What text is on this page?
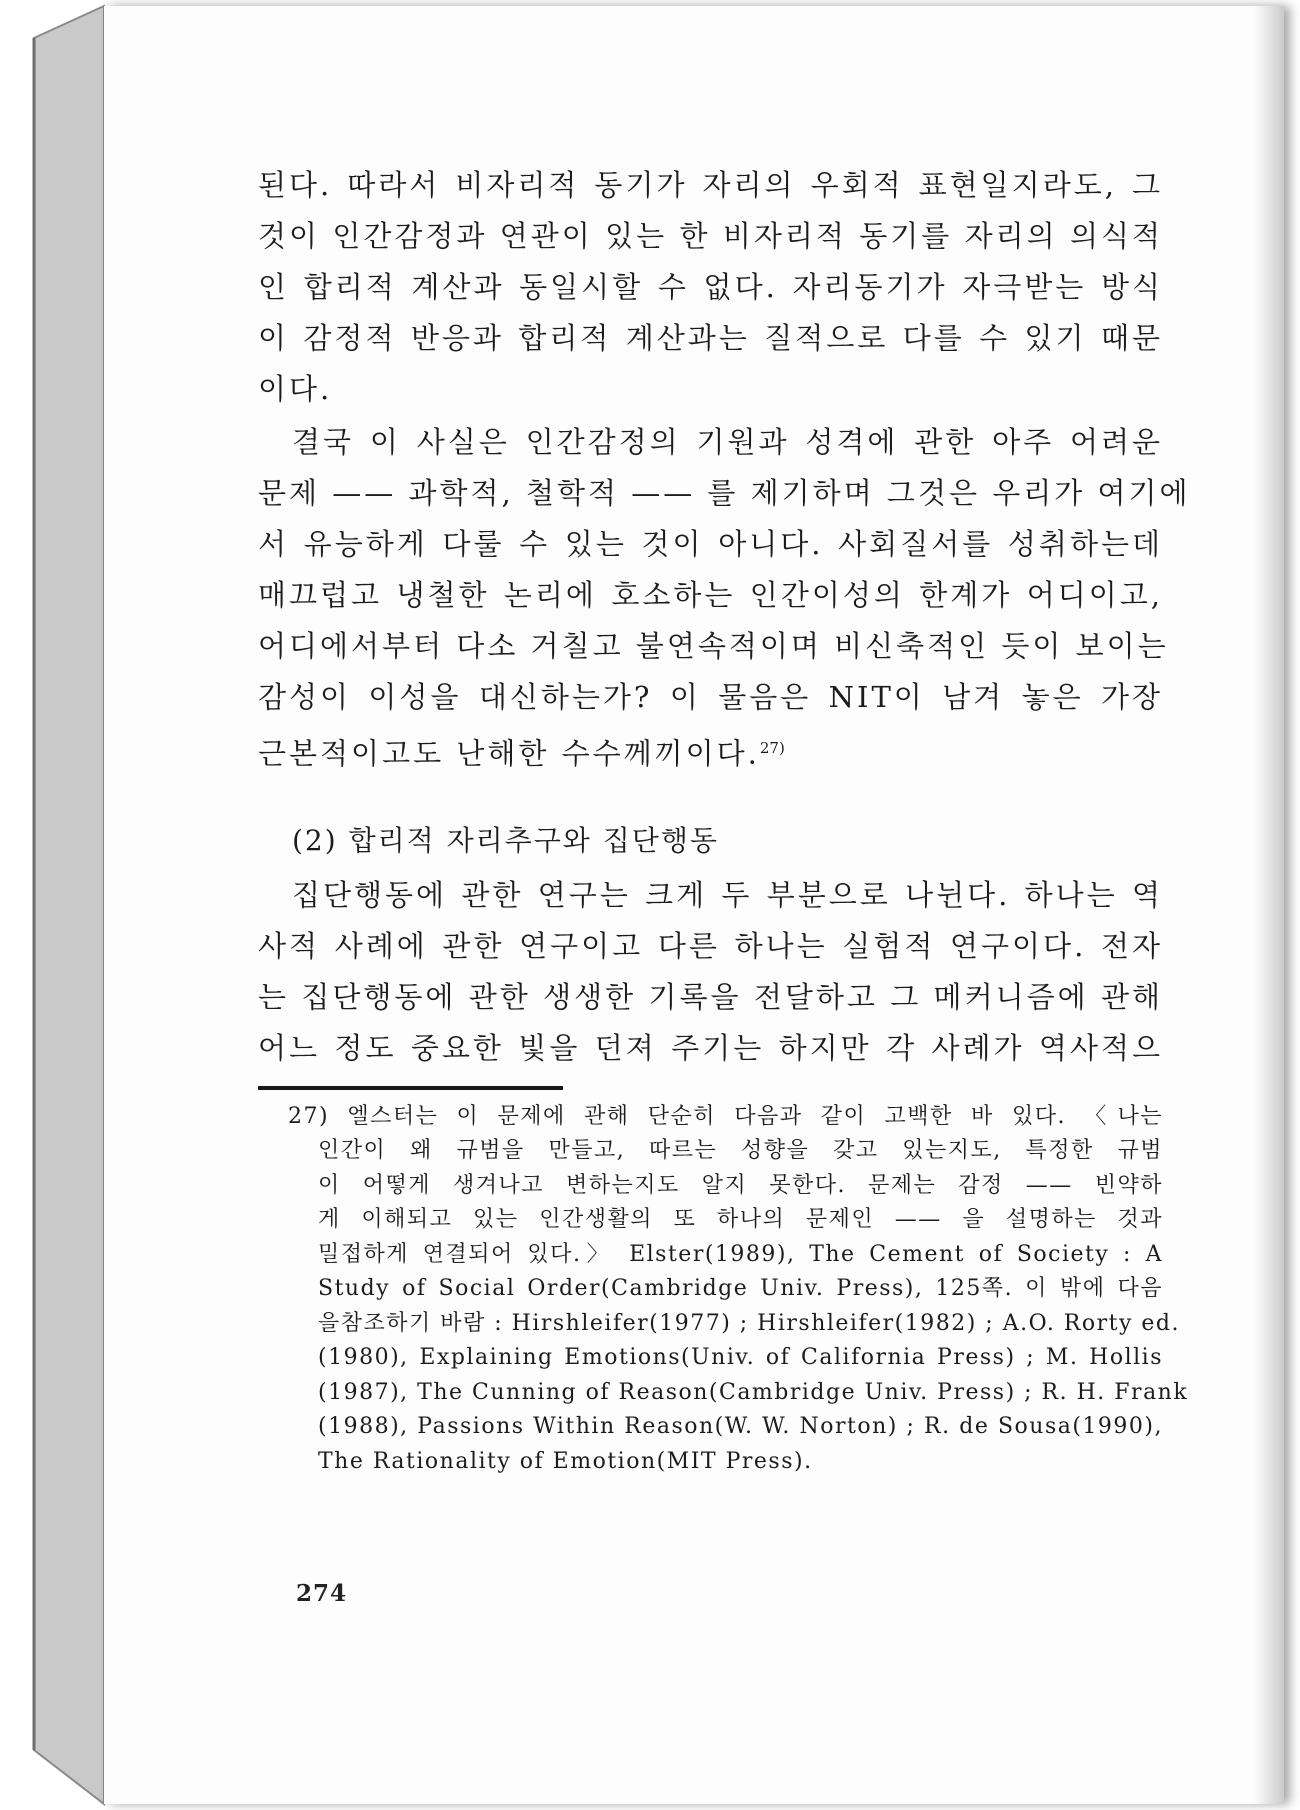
된다. 따라서 비자리적 동기가 자리의 우회적 표현일지라도, 그
것이 인간감정과 연관이 있는 한 비자리적 동기를 자리의 의식적
인 합리적 계산과 동일시할 수 없다. 자리동기가 자극받는 방식
이 감정적 반응과 합리적 계산과는 질적으로 다를 수 있기 때문
이다.
결국 이 사실은 인간감정의 기원과 성격에 관한 아주 어려운
문제 —— 과학적, 철학적 —— 를 제기하며 그것은 우리가 여기에
서 유능하게 다룰 수 있는 것이 아니다. 사회질서를 성취하는데
매끄럽고 냉철한 논리에 호소하는 인간이성의 한계가 어디이고,
어디에서부터 다소 거칠고 불연속적이며 비신축적인 듯이 보이는
감성이 이성을 대신하는가? 이 물음은 NIT이 남겨 놓은 가장
근본적이고도 난해한 수수께끼이다.$^{27)}$
(2) 합리적 자리추구와 집단행동
집단행동에 관한 연구는 크게 두 부분으로 나뉜다. 하나는 역
사적 사례에 관한 연구이고 다른 하나는 실험적 연구이다. 전자
는 집단행동에 관한 생생한 기록을 전달하고 그 메커니즘에 관해
어느 정도 중요한 빛을 던져 주기는 하지만 각 사례가 역사적으
27) 엘스터는 이 문제에 관해 단순히 다음과 같이 고백한 바 있다. 〈나는
인간이 왜 규범을 만들고, 따르는 성향을 갖고 있는지도, 특정한 규범
이 어떻게 생겨나고 변하는지도 알지 못한다. 문제는 감정 —— 빈약하
게 이해되고 있는 인간생활의 또 하나의 문제인 —— 을 설명하는 것과
밀접하게 연결되어 있다.〉 Elster(1989), The Cement of Society : A
Study of Social Order(Cambridge Univ. Press), 125쪽. 이 밖에 다음
을참조하기 바람 : Hirshleifer(1977) ; Hirshleifer(1982) ; A.O. Rorty ed.
(1980), Explaining Emotions(Univ. of California Press) ; M. Hollis
(1987), The Cunning of Reason(Cambridge Univ. Press) ; R. H. Frank
(1988), Passions Within Reason(W. W. Norton) ; R. de Sousa(1990),
The Rationality of Emotion(MIT Press).
274
